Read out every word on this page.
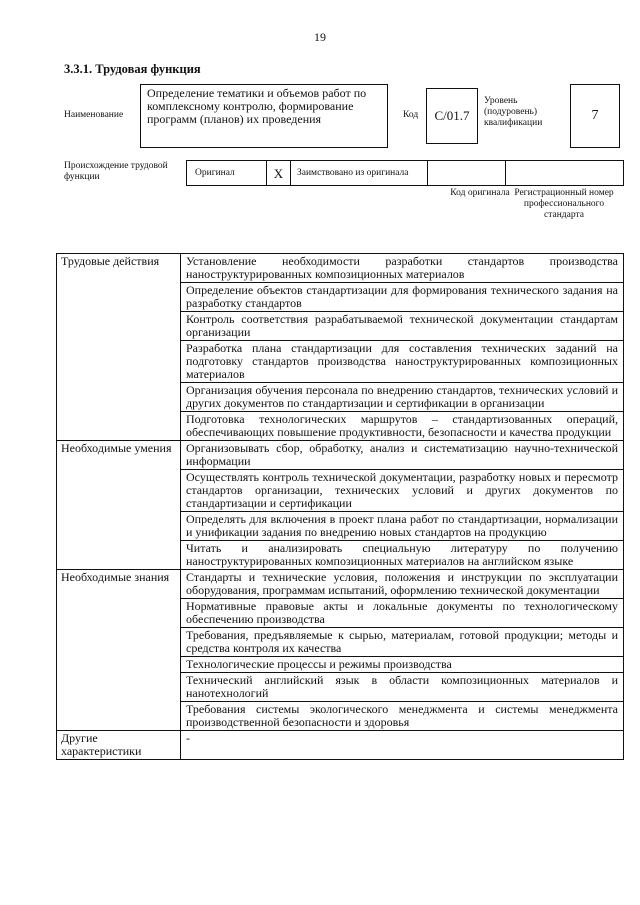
19
3.3.1. Трудовая функция
Наименование
Определение тематики и объемов работ по комплексному контролю, формирование программ (планов) их проведения	Код	С/01.7
Уровень (подуровень) квалификации	7
Происхождение трудовой функции	Оригинал	X	Заимствовано из оригинала
Код оригинала Регистрационный номер профессионального стандарта
Трудовые действия	Установление необходимости разработки стандартов производства наноструктурированных композиционных материалов
	Определение объектов стандартизации для формирования технического задания на разработку стандартов
	Контроль соответствия разрабатываемой технической документации стандартам организации
	Разработка плана стандартизации для составления технических заданий на подготовку стандартов производства наноструктурированных композиционных материалов
	Организация обучения персонала по внедрению стандартов, технических условий и других документов по стандартизации и сертификации в организации
	Подготовка технологических маршрутов – стандартизованных операций, обеспечивающих повышение продуктивности, безопасности и качества продукции
Необходимые умения	Организовывать сбор, обработку, анализ и систематизацию научно-технической информации
	Осуществлять контроль технической документации, разработку новых и пересмотр стандартов организации, технических условий и других документов по стандартизации и сертификации
	Определять для включения в проект плана работ по стандартизации, нормализации и унификации задания по внедрению новых стандартов на продукцию
	Читать и анализировать специальную литературу по получению наноструктурированных композиционных материалов на английском языке
Необходимые знания	Стандарты и технические условия, положения и инструкции по эксплуатации оборудования, программам испытаний, оформлению технической документации
	Нормативные правовые акты и локальные документы по технологическому обеспечению производства
	Требования, предъявляемые к сырью, материалам, готовой продукции; методы и средства контроля их качества
	Технологические процессы и режимы производства
	Технический английский язык в области композиционных материалов и нанотехнологий
	Требования системы экологического менеджмента и системы менеджмента производственной безопасности и здоровья
Другие характеристики	-
